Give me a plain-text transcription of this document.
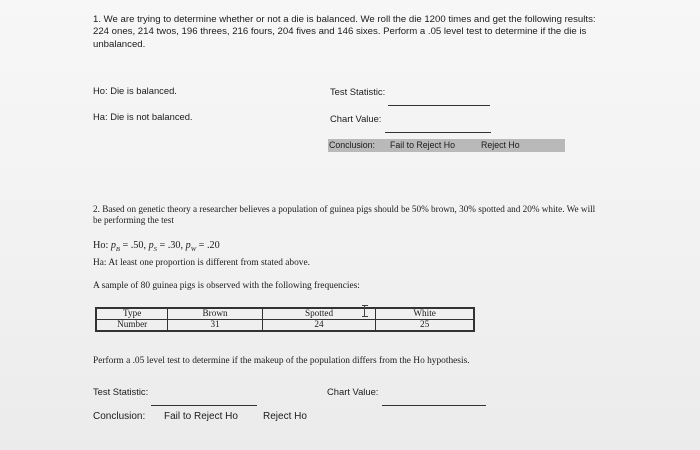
1. We are trying to determine whether or not a die is balanced. We roll the die 1200 times and get the following results: 224 ones, 214 twos, 196 threes, 216 fours, 204 fives and 146 sixes. Perform a .05 level test to determine if the die is unbalanced.
Ho: Die is balanced.
Ha: Die is not balanced.
Test Statistic:
Chart Value:
Conclusion: Fail to Reject Ho	Reject Ho
2. Based on genetic theory a researcher believes a population of guinea pigs should be 50% brown, 30% spotted and 20% white. We will be performing the test
Ho: $p_B = .50$, $p_S = .30$, $p_W = .20$
Ha: At least one proportion is different from stated above.
A sample of 80 guinea pigs is observed with the following frequencies:
Type	Brown	Spotted	White
Number	31	24	25
Perform a .05 level test to determine if the makeup of the population differs from the Ho hypothesis.
Test Statistic:	Chart Value:
Conclusion: Fail to Reject Ho	Reject Ho
